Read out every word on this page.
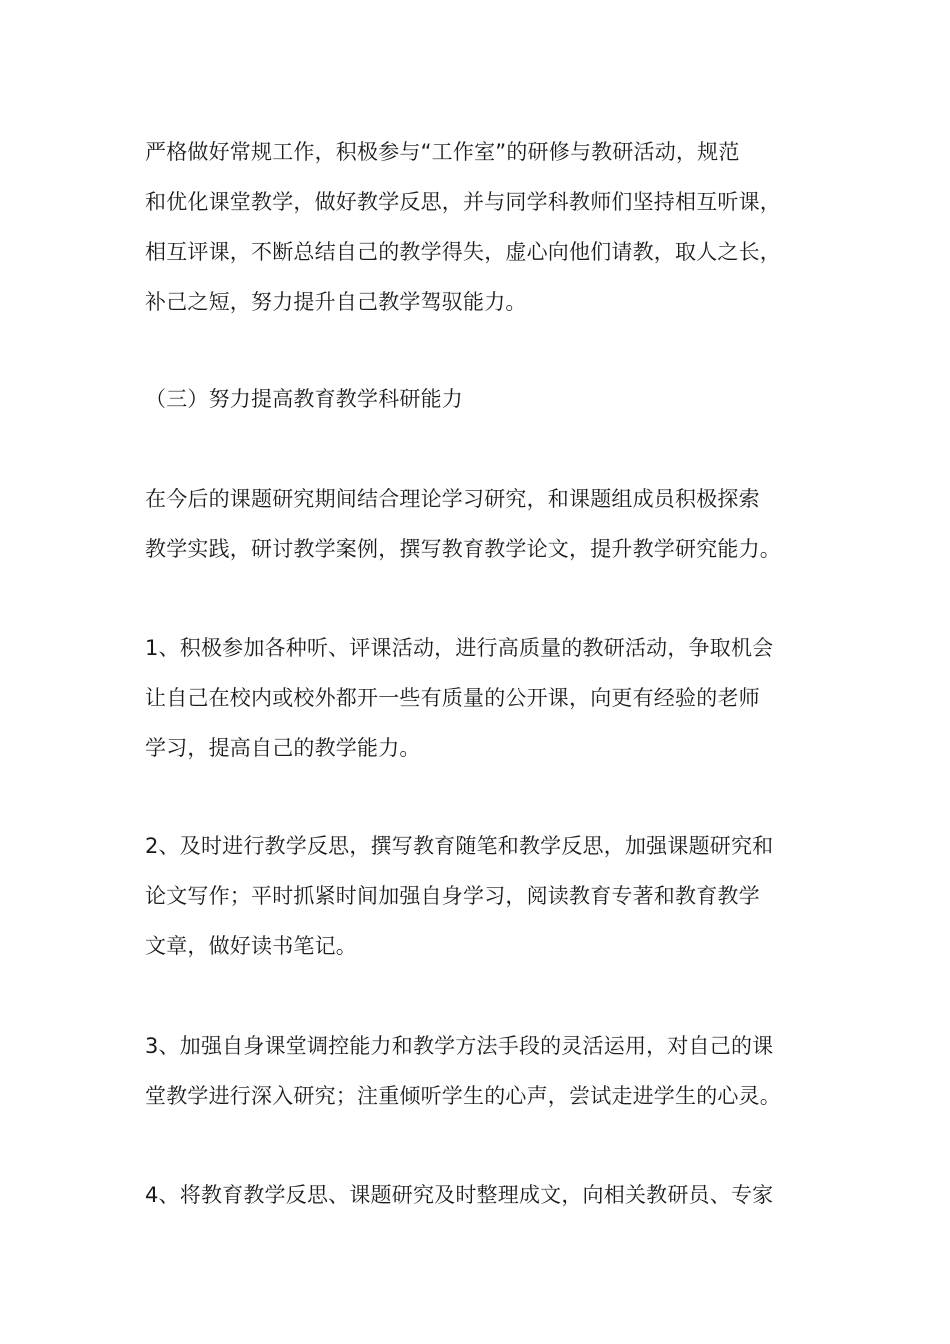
严格做好常规工作，积极参与“工作室”的研修与教研活动，规范
和优化课堂教学，做好教学反思，并与同学科教师们坚持相互听课，
相互评课，不断总结自己的教学得失，虚心向他们请教，取人之长，
补己之短，努力提升自己教学驾驭能力。
（三）努力提高教育教学科研能力
在今后的课题研究期间结合理论学习研究，和课题组成员积极探索
教学实践，研讨教学案例，撰写教育教学论文，提升教学研究能力。
1、积极参加各种听、评课活动，进行高质量的教研活动，争取机会
让自己在校内或校外都开一些有质量的公开课，向更有经验的老师
学习，提高自己的教学能力。
2、及时进行教学反思，撰写教育随笔和教学反思，加强课题研究和
论文写作；平时抓紧时间加强自身学习，阅读教育专著和教育教学
文章，做好读书笔记。
3、加强自身课堂调控能力和教学方法手段的灵活运用，对自己的课
堂教学进行深入研究；注重倾听学生的心声，尝试走进学生的心灵。
4、将教育教学反思、课题研究及时整理成文，向相关教研员、专家
